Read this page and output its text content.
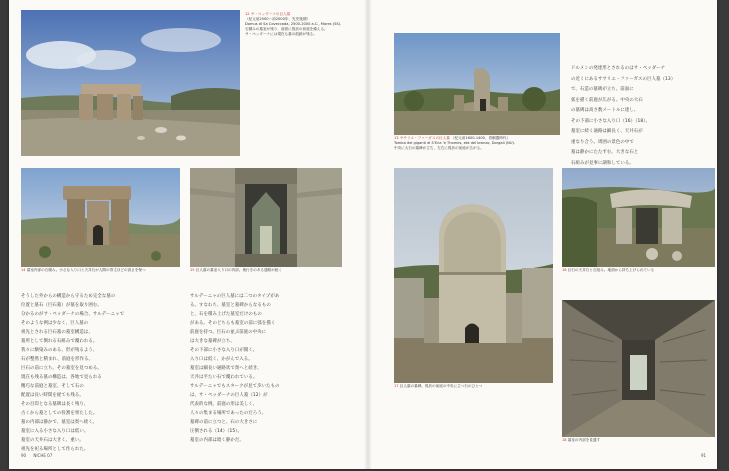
12 サ・ペッダーナの巨人墓 （紀元前2500〜前2000年、先史後期）
Domus di Sa Coveccada, 2500-2000 a.C., Mores (SS).
石積みの墓室が残り、前面に弧状の前庭を備える。
サ・ペッダーナには現在も墓の痕跡が残る。
14 墓室内部の石積み。小さな入り口と天井石が人間の背丈ほどの高さを保つ	15 巨人墓の墓室入り口の内部。奥行きのある通路が続く
そうした外からの構造から守るため完全な墓の
位置と墓石（巨石墓）が墓を取り囲む。
分かるのがサ・ペッダーナの場合、サルデーニャで
そのような例は少なく、巨人墓の
祖先とされる巨石墓の墓室構造は、
墓所として倒れる石組みで覆われる。
我々に馴染みのある、形が残るよう、
石が整然と積まれ、前庭を形作る。
巨石の前に立ち、その墓室を見つめる。
現在も残る墓の構造は、各地で見られる
精巧な前庭と墓室、そして石の
配置は長い時間を経ても残る。
その目印となる墓碑は長く残り、
古くから墓としての役割を果たした。
墓の内部は静かで、墓室は奥へ続く。
墓室に入る小さな入り口は低い。
墓室の天井石は大きく、重い。
祖先を祀る場所として作られた。
サルデーニャの巨人墓には二つのタイプがあ
る。すなわち、墓室と墓碑からなるもの
と、石を積み上げた墓室だけのもの
がある。そのどちらも墓室の前に弧を描く
前庭を持つ。巨石の並ぶ前庭の中央に
は大きな墓碑が立ち、
その下部に小さな入り口が開く。
入り口は低く、かがんで入る。
墓室は細長い通路状で奥へと続き、
天井は平たい石で覆われている。
サルデーニャでもスタークが見て歩いたもの
は、サ・ペッダーナの巨人墓（12）が
代表的な例。前庭の形は美しく、
人々の集まる場所であったのだろう。
墓碑の前に立つと、石の大きさに
圧倒される（14）（15）。
墓室の内部は暗く静かだ。
90 NICHE 07
13 ササリエ・ファーガスの巨人墓 （紀元前1600-1400、青銅器時代）
Tomba dei giganti di S'Ena 'e Thomes, età del bronzo, Dorgali (NU).
中央に大石の墓碑が立ち、左右に弧状の前庭が広がる。
ドルメンの発達形とされるのはサ・ペッダーナ
の近くにあるササリエ・ファーガスの巨人墓（13）
で、石造の墓碑が立ち、前面に
弧を描く前庭が広がる。中央の大石
の墓碑は高さ数メートルに達し、
その下部に小さな入り口（16）（18）。
墓室に続く通路は細長く、天井石が
重なり合う。周囲の景色の中で
墓は静かにたたずむ。大きな石と
石組みが見事に調和している。
17 巨人墓の墓碑。弧状の前庭の中央に立つ石のひとつ
16 巨石の天井石と石組み。地面から持ち上げられている
18 墓室の内部を見通す
91
